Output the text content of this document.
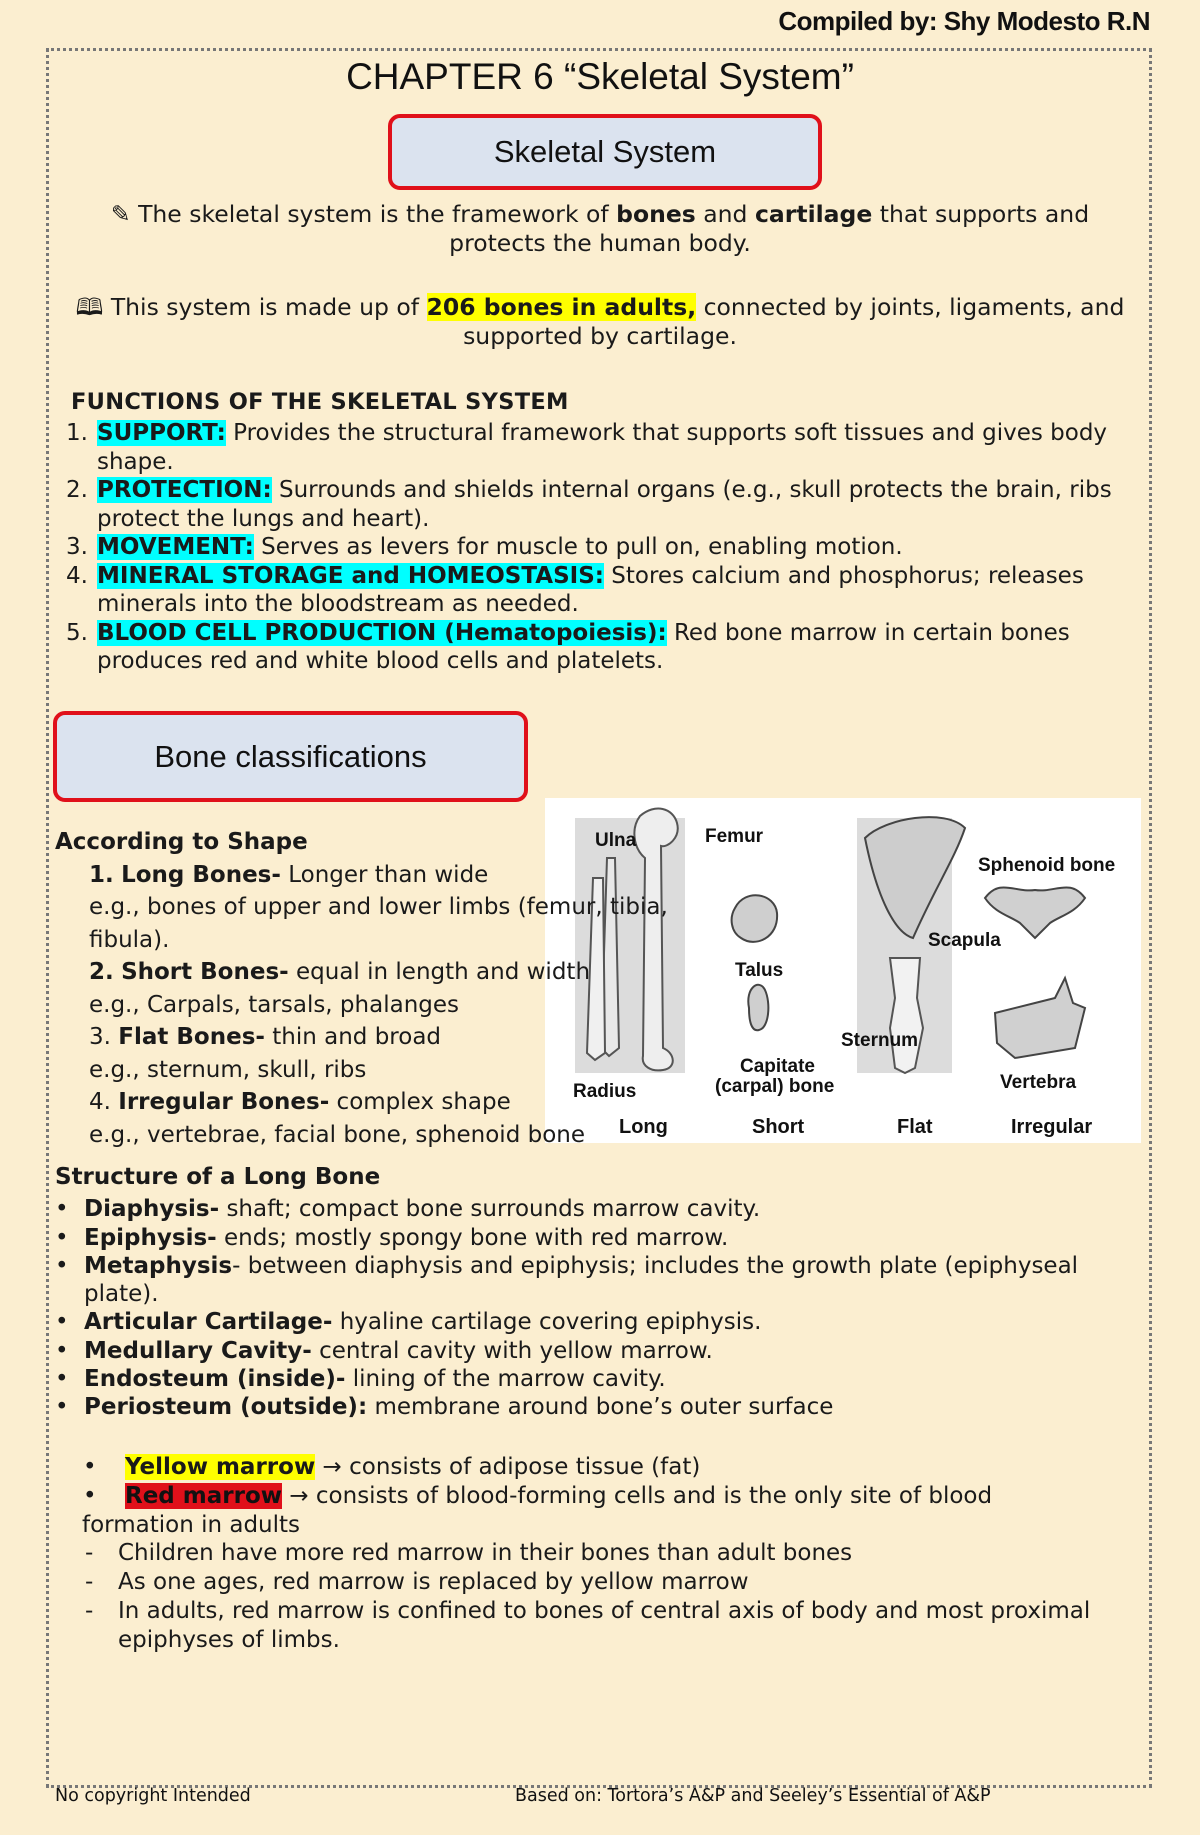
Compiled by: Shy Modesto R.N
CHAPTER 6 “Skeletal System”
Skeletal System
✎ The skeletal system is the framework of bones and cartilage that supports and protects the human body.
🕮 This system is made up of 206 bones in adults, connected by joints, ligaments, and supported by cartilage.
FUNCTIONS OF THE SKELETAL SYSTEM
1. SUPPORT: Provides the structural framework that supports soft tissues and gives body shape.
2. PROTECTION: Surrounds and shields internal organs (e.g., skull protects the brain, ribs protect the lungs and heart).
3. MOVEMENT: Serves as levers for muscle to pull on, enabling motion.
4. MINERAL STORAGE and HOMEOSTASIS: Stores calcium and phosphorus; releases minerals into the bloodstream as needed.
5. BLOOD CELL PRODUCTION (Hematopoiesis): Red bone marrow in certain bones produces red and white blood cells and platelets.
Bone classifications
Ulna	Femur
Radius
Talus
Capitate
(carpal) bone
Scapula
Sternum
Sphenoid bone
Vertebra
Long	Short	Flat	Irregular
According to Shape
1. Long Bones- Longer than wide
e.g., bones of upper and lower limbs (femur, tibia, fibula).
2. Short Bones- equal in length and width
e.g., Carpals, tarsals, phalanges
3. Flat Bones- thin and broad
e.g., sternum, skull, ribs
4. Irregular Bones- complex shape
e.g., vertebrae, facial bone, sphenoid bone
Structure of a Long Bone
• Diaphysis- shaft; compact bone surrounds marrow cavity.
• Epiphysis- ends; mostly spongy bone with red marrow.
• Metaphysis- between diaphysis and epiphysis; includes the growth plate (epiphyseal plate).
• Articular Cartilage- hyaline cartilage covering epiphysis.
• Medullary Cavity- central cavity with yellow marrow.
• Endosteum (inside)- lining of the marrow cavity.
• Periosteum (outside): membrane around bone’s outer surface
•	Yellow marrow → consists of adipose tissue (fat)
•	Red marrow → consists of blood-forming cells and is the only site of blood
formation in adults
-	Children have more red marrow in their bones than adult bones
-	As one ages, red marrow is replaced by yellow marrow
-	In adults, red marrow is confined to bones of central axis of body and most proximal epiphyses of limbs.
No copyright Intended	Based on: Tortora’s A&P and Seeley’s Essential of A&P
